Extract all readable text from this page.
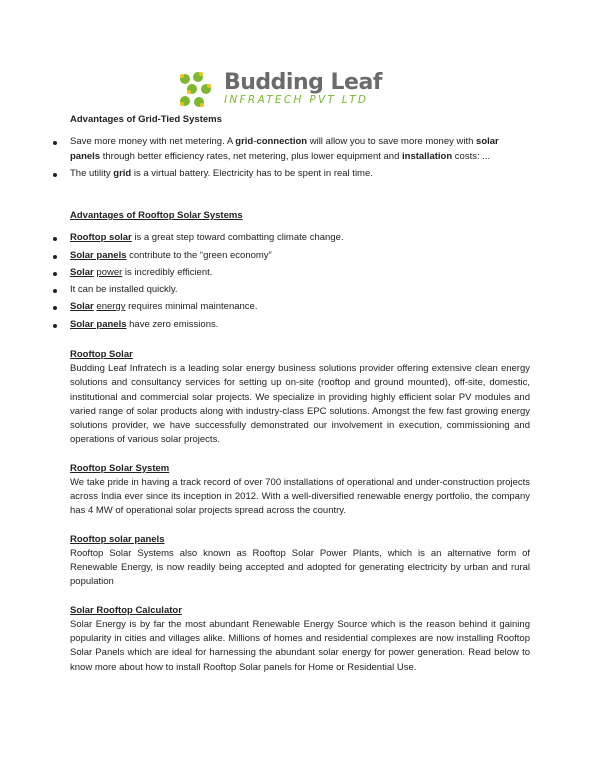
Budding Leaf
INFRATECH PVT LTD
Advantages of Grid-Tied Systems
Save more money with net metering. A grid-connection will allow you to save more money with solar panels through better efficiency rates, net metering, plus lower equipment and installation costs: ...
The utility grid is a virtual battery. Electricity has to be spent in real time.
Advantages of Rooftop Solar Systems
Rooftop solar is a great step toward combatting climate change.
Solar panels contribute to the “green economy”
Solar power is incredibly efficient.
It can be installed quickly.
Solar energy requires minimal maintenance.
Solar panels have zero emissions.
Rooftop Solar

Budding Leaf Infratech is a leading solar energy business solutions provider offering extensive clean energy solutions and consultancy services for setting up on-site (rooftop and ground mounted), off-site, domestic, institutional and commercial solar projects. We specialize in providing highly efficient solar PV modules and varied range of solar products along with industry-class EPC solutions. Amongst the few fast growing energy solutions provider, we have successfully demonstrated our involvement in execution, commissioning and operations of various solar projects.

Rooftop Solar System

We take pride in having a track record of over 700 installations of operational and under-construction projects across India ever since its inception in 2012. With a well-diversified renewable energy portfolio, the company has 4 MW of operational solar projects spread across the country.

Rooftop solar panels

Rooftop Solar Systems also known as Rooftop Solar Power Plants, which is an alternative form of Renewable Energy, is now readily being accepted and adopted for generating electricity by urban and rural population

Solar Rooftop Calculator

Solar Energy is by far the most abundant Renewable Energy Source which is the reason behind it gaining popularity in cities and villages alike. Millions of homes and residential complexes are now installing Rooftop Solar Panels which are ideal for harnessing the abundant solar energy for power generation. Read below to know more about how to install Rooftop Solar panels for Home or Residential Use.
